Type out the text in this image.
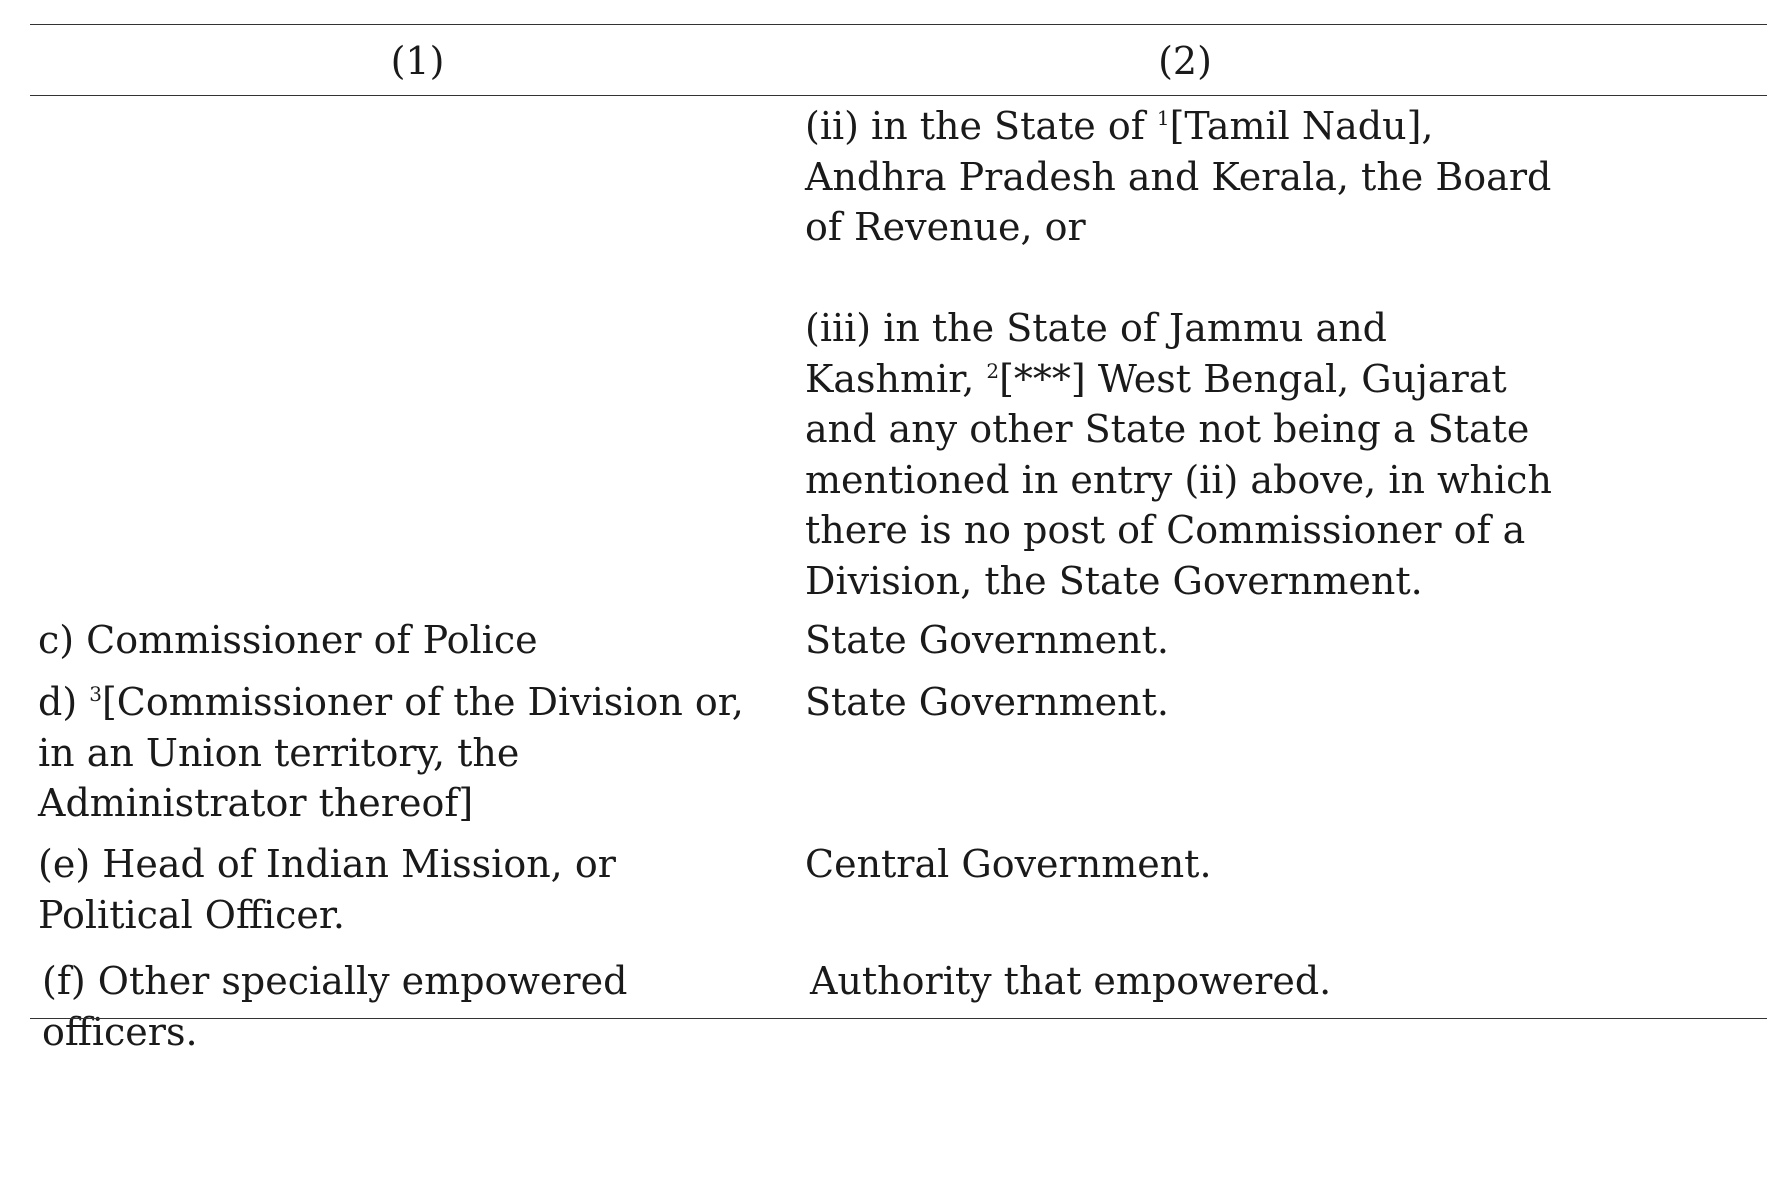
(1)	(2)
(ii) in the State of $^1$[Tamil Nadu], Andhra Pradesh and Kerala, the Board of Revenue, or
(iii) in the State of Jammu and Kashmir, $^2$[***] West Bengal, Gujarat and any other State not being a State mentioned in entry (ii) above, in which there is no post of Commissioner of a Division, the State Government.
c) Commissioner of Police	State Government.
d) $^3$[Commissioner of the Division or, in an Union territory, the Administrator thereof]
State Government.
(e) Head of Indian Mission, or Political Officer.
Central Government.
(f) Other specially empowered officers.
Authority that empowered.
